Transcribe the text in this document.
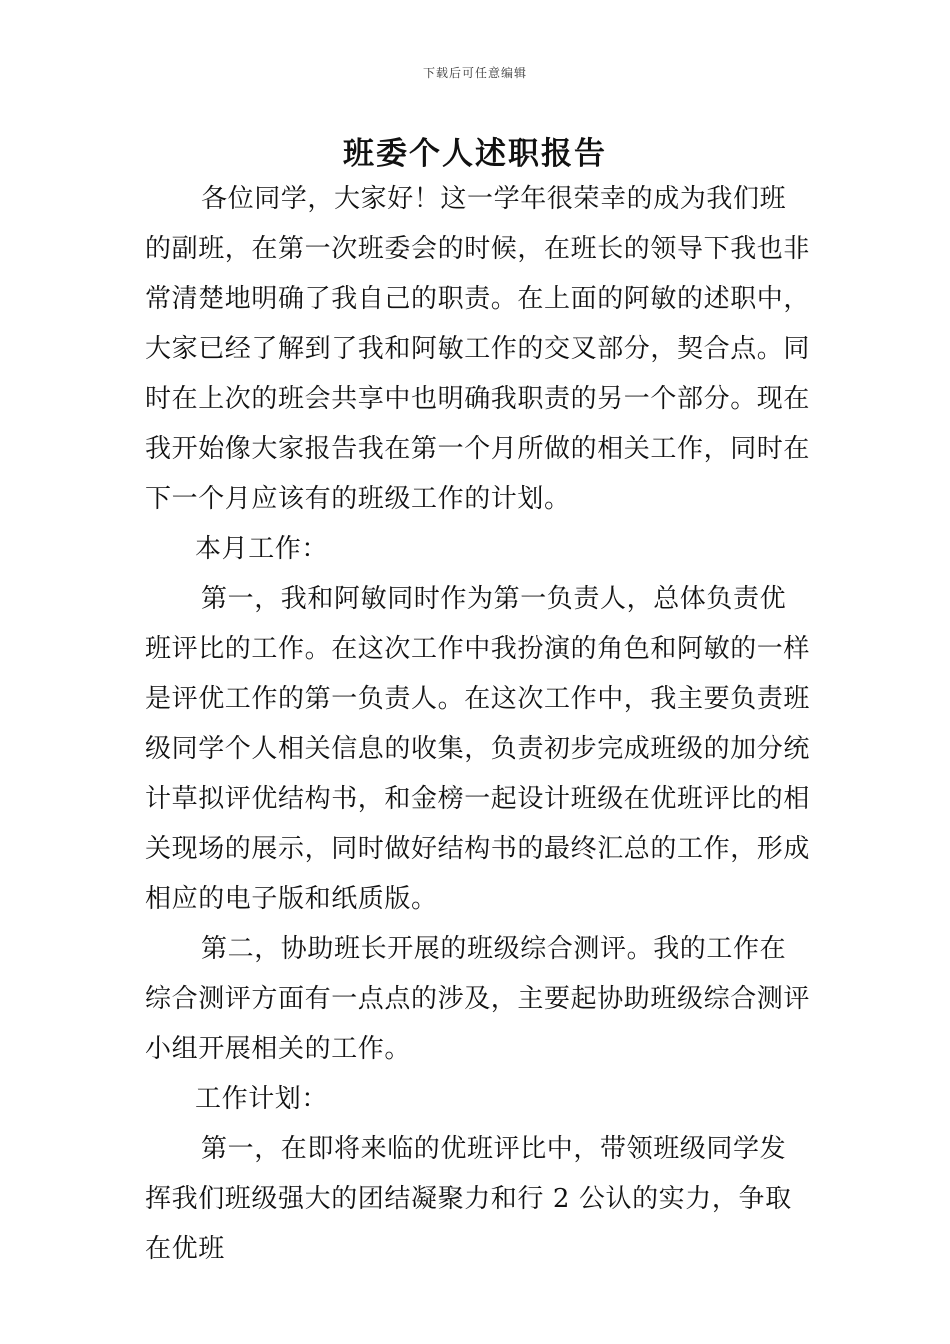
下载后可任意编辑
班委个人述职报告

各位同学，大家好！这一学年很荣幸的成为我们班的副班，在第一次班委会的时候，在班长的领导下我也非常清楚地明确了我自己的职责。在上面的阿敏的述职中，大家已经了解到了我和阿敏工作的交叉部分，契合点。同时在上次的班会共享中也明确我职责的另一个部分。现在我开始像大家报告我在第一个月所做的相关工作，同时在下一个月应该有的班级工作的计划。

本月工作：

第一，我和阿敏同时作为第一负责人，总体负责优班评比的工作。在这次工作中我扮演的角色和阿敏的一样是评优工作的第一负责人。在这次工作中，我主要负责班级同学个人相关信息的收集，负责初步完成班级的加分统计草拟评优结构书，和金榜一起设计班级在优班评比的相关现场的展示，同时做好结构书的最终汇总的工作，形成相应的电子版和纸质版。

第二，协助班长开展的班级综合测评。我的工作在综合测评方面有一点点的涉及，主要起协助班级综合测评小组开展相关的工作。

工作计划：

第一，在即将来临的优班评比中，带领班级同学发挥我们班级强大的团结凝聚力和行 2 公认的实力，争取在优班
